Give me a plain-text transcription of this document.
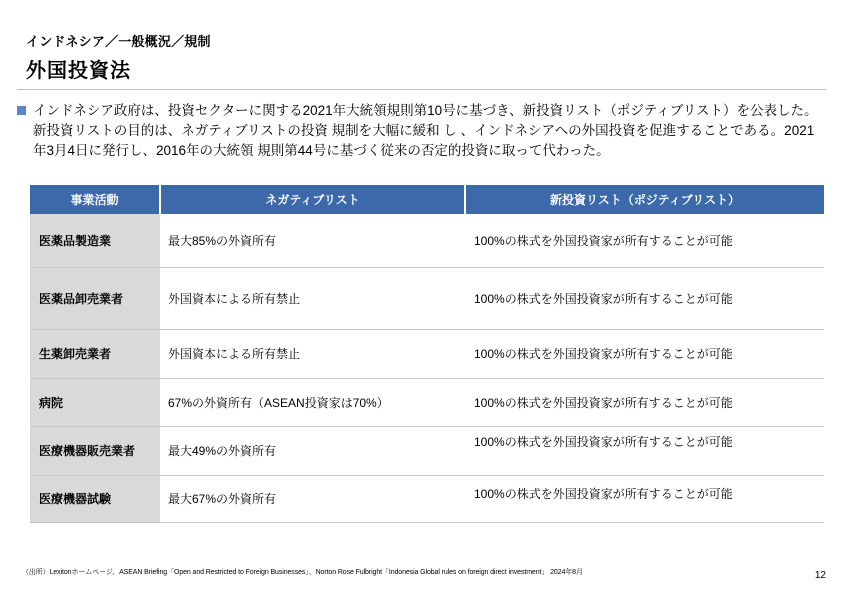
インドネシア／一般概況／規制
外国投資法
インドネシア政府は、投資セクターに関する2021年大統領規則第10号に基づき、新投資リスト（ポジティブリスト）を公表した。
新投資リストの目的は、ネガティブリストの投資 規制を大幅に緩和 し 、インドネシアへの外国投資を促進することである。2021
年3月4日に発行し、2016年の大統領 規則第44号に基づく従来の否定的投資に取って代わった。
事業活動	ネガティブリスト	新投資リスト（ポジティブリスト）
医薬品製造業	最大85%の外資所有	100%の株式を外国投資家が所有することが可能
医薬品卸売業者	外国資本による所有禁止	100%の株式を外国投資家が所有することが可能
生薬卸売業者	外国資本による所有禁止	100%の株式を外国投資家が所有することが可能
病院	67%の外資所有（ASEAN投資家は70%）	100%の株式を外国投資家が所有することが可能
医療機器販売業者	最大49%の外資所有	100%の株式を外国投資家が所有することが可能
医療機器試験	最大67%の外資所有	100%の株式を外国投資家が所有することが可能
（出所）Lexitonホームページ、ASEAN Briefing「Open and Restricted to Foreign Businesses」、Norton Rose Fulbright「Indonesia Global rules on foreign direct investment」 2024年8月	12
